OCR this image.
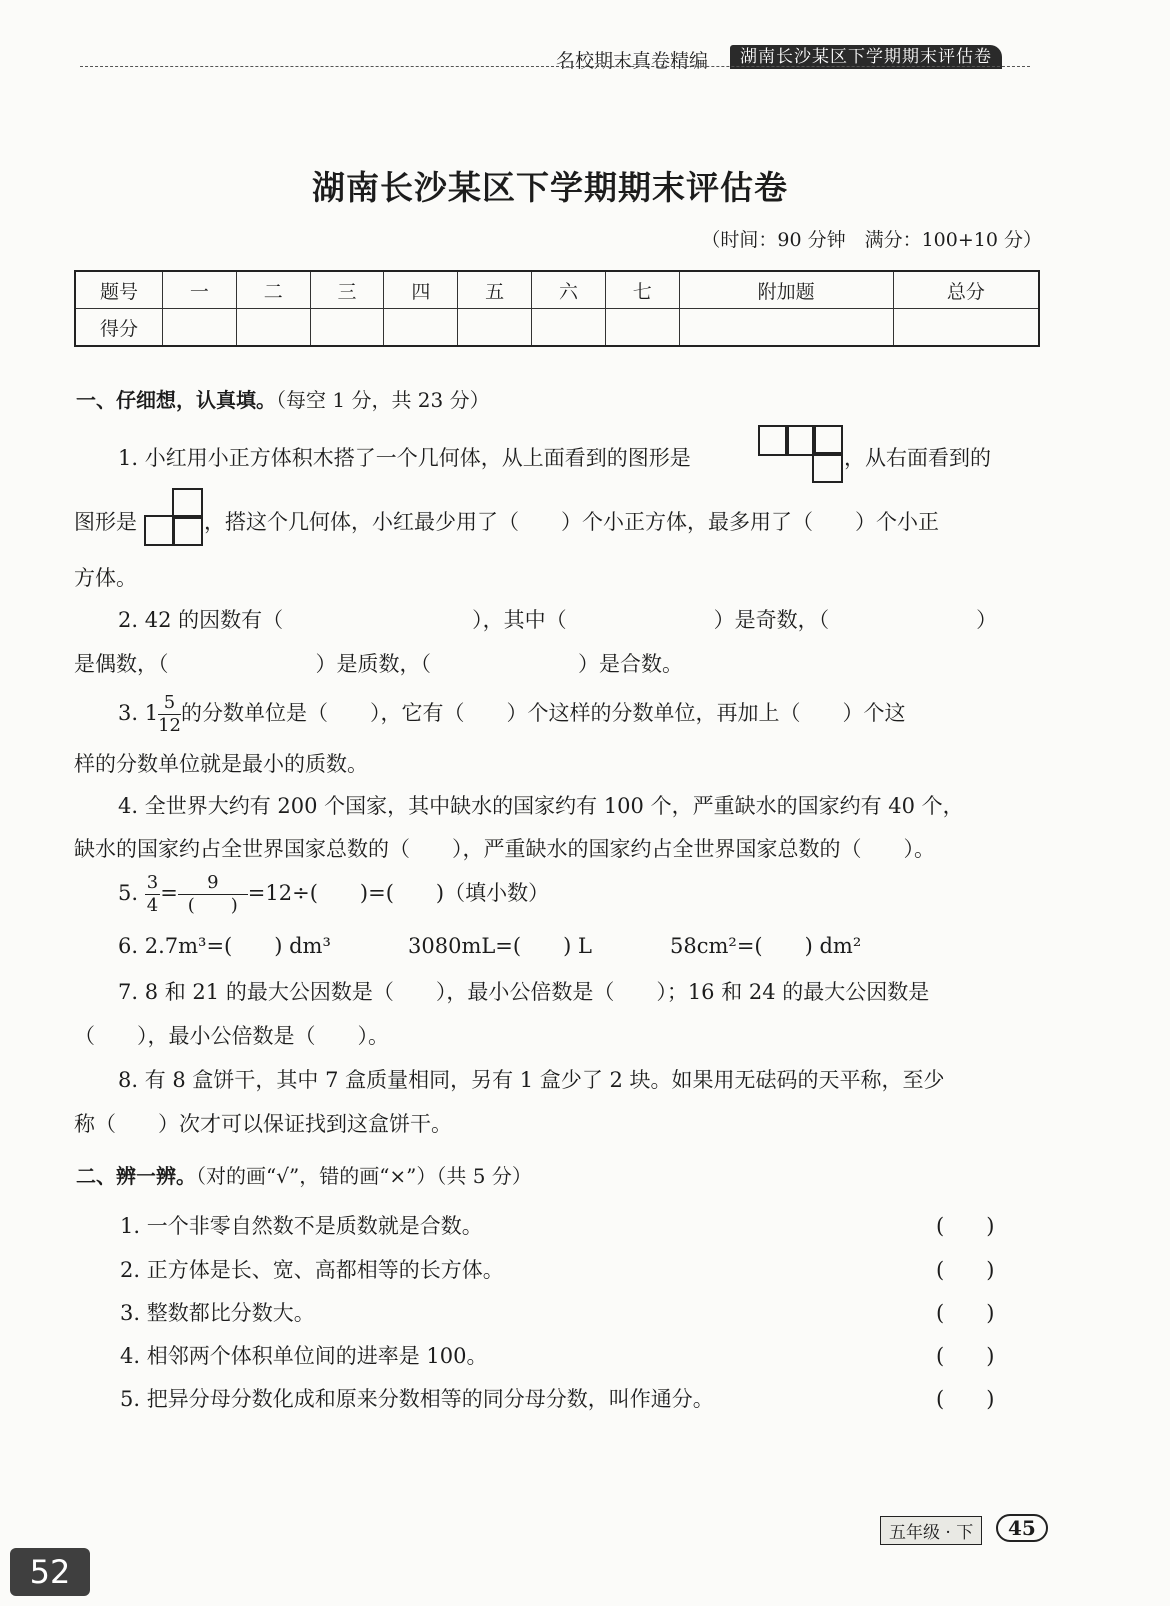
名校期末真卷精编	湖南长沙某区下学期期末评估卷
湖南长沙某区下学期期末评估卷
（时间：90 分钟　满分：100+10 分）
题号	一	二	三	四	五	六	七	附加题	总分
得分									
一、仔细想，认真填。（每空 1 分，共 23 分）
1. 小红用小正方体积木搭了一个几何体，从上面看到的图形是	，从右面看到的
图形是	，搭这个几何体，小红最少用了（　　）个小正方体，最多用了（　　）个小正
方体。
2. 42 的因数有（　　　　　　　　　），其中（　　　　　　　）是奇数，（　　　　　　　）
是偶数，（　　　　　　　）是质数，（　　　　　　　）是合数。
3. $1 \frac{5}{12}$ 的分数单位是（　　），它有（　　）个这样的分数单位，再加上（　　）个这
样的分数单位就是最小的质数。
4. 全世界大约有 200 个国家，其中缺水的国家约有 100 个，严重缺水的国家约有 40 个，
缺水的国家约占全世界国家总数的（　　），严重缺水的国家约占全世界国家总数的（　　）。
5. $\frac{3}{4} = \frac{9}{( )} =12\div$(　　)=(　　)（填小数）
6. 2.7m³=(　　) dm³	3080mL=(　　) L	58cm²=(　　) dm²
7. 8 和 21 的最大公因数是（　　），最小公倍数是（　　）；16 和 24 的最大公因数是
（　　），最小公倍数是（　　）。
8. 有 8 盒饼干，其中 7 盒质量相同，另有 1 盒少了 2 块。如果用无砝码的天平称，至少
称（　　）次才可以保证找到这盒饼干。
二、辨一辨。（对的画“√”，错的画“×”）（共 5 分）
1. 一个非零自然数不是质数就是合数。	(　　)
2. 正方体是长、宽、高都相等的长方体。	(　　)
3. 整数都比分数大。	(　　)
4. 相邻两个体积单位间的进率是 100。	(　　)
5. 把异分母分数化成和原来分数相等的同分母分数，叫作通分。	(　　)
五年级 · 下	45
52
